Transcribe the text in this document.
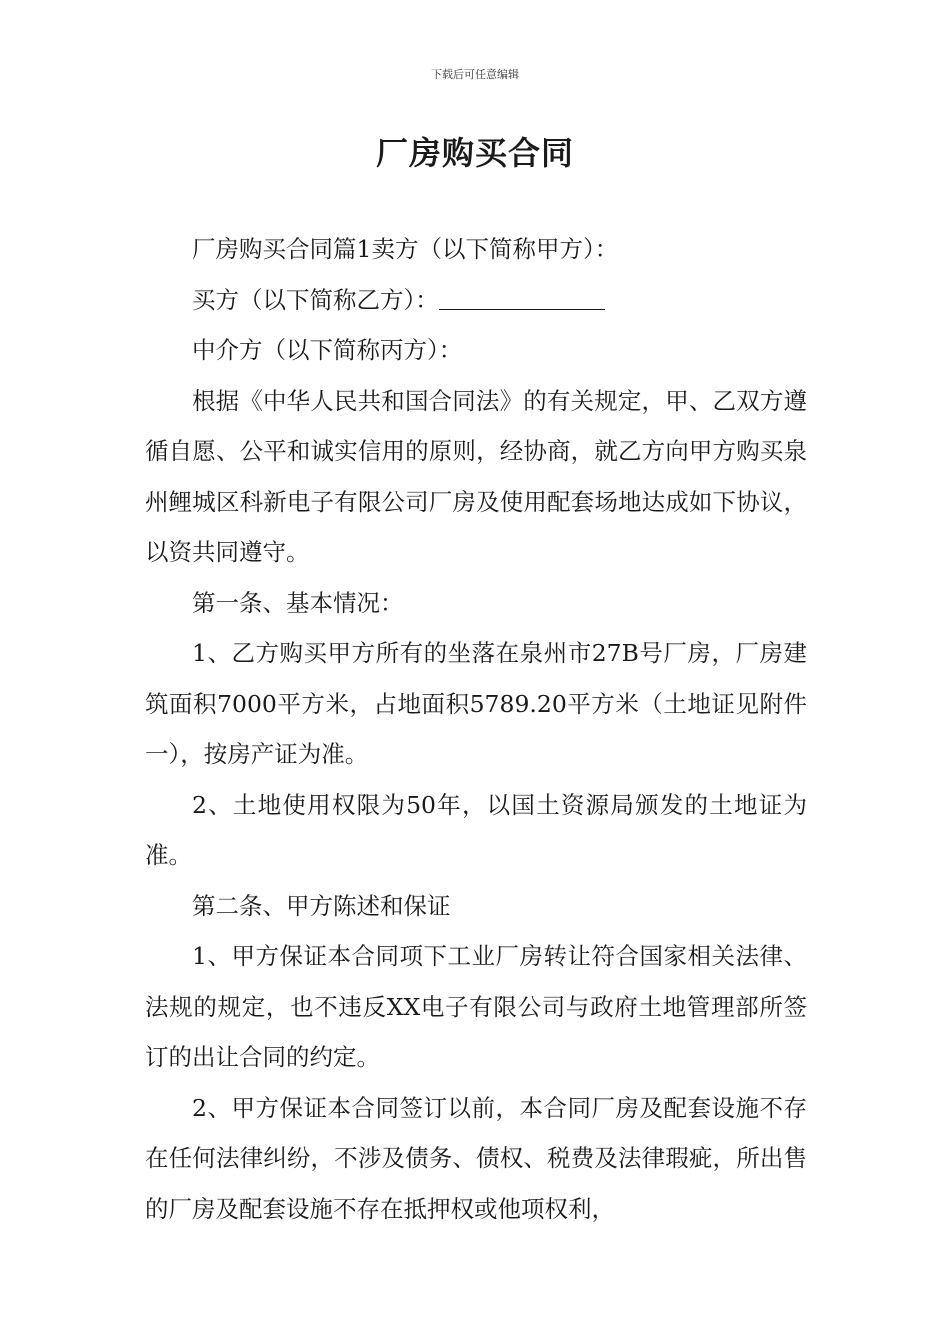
下载后可任意编辑
厂房购买合同

厂房购买合同篇1卖方（以下简称甲方）：

买方（以下简称乙方）：

中介方（以下简称丙方）：

根据《中华人民共和国合同法》的有关规定，甲、乙双方遵循自愿、公平和诚实信用的原则，经协商，就乙方向甲方购买泉州鲤城区科新电子有限公司厂房及使用配套场地达成如下协议，以资共同遵守。

第一条、基本情况：

1、乙方购买甲方所有的坐落在泉州市27B号厂房，厂房建筑面积7000平方米，占地面积5789.20平方米（土地证见附件一），按房产证为准。

2、土地使用权限为50年，以国土资源局颁发的土地证为准。

第二条、甲方陈述和保证

1、甲方保证本合同项下工业厂房转让符合国家相关法律、法规的规定，也不违反XX电子有限公司与政府土地管理部所签订的出让合同的约定。

2、甲方保证本合同签订以前，本合同厂房及配套设施不存在任何法律纠纷，不涉及债务、债权、税费及法律瑕疵，所出售的厂房及配套设施不存在抵押权或他项权利，
